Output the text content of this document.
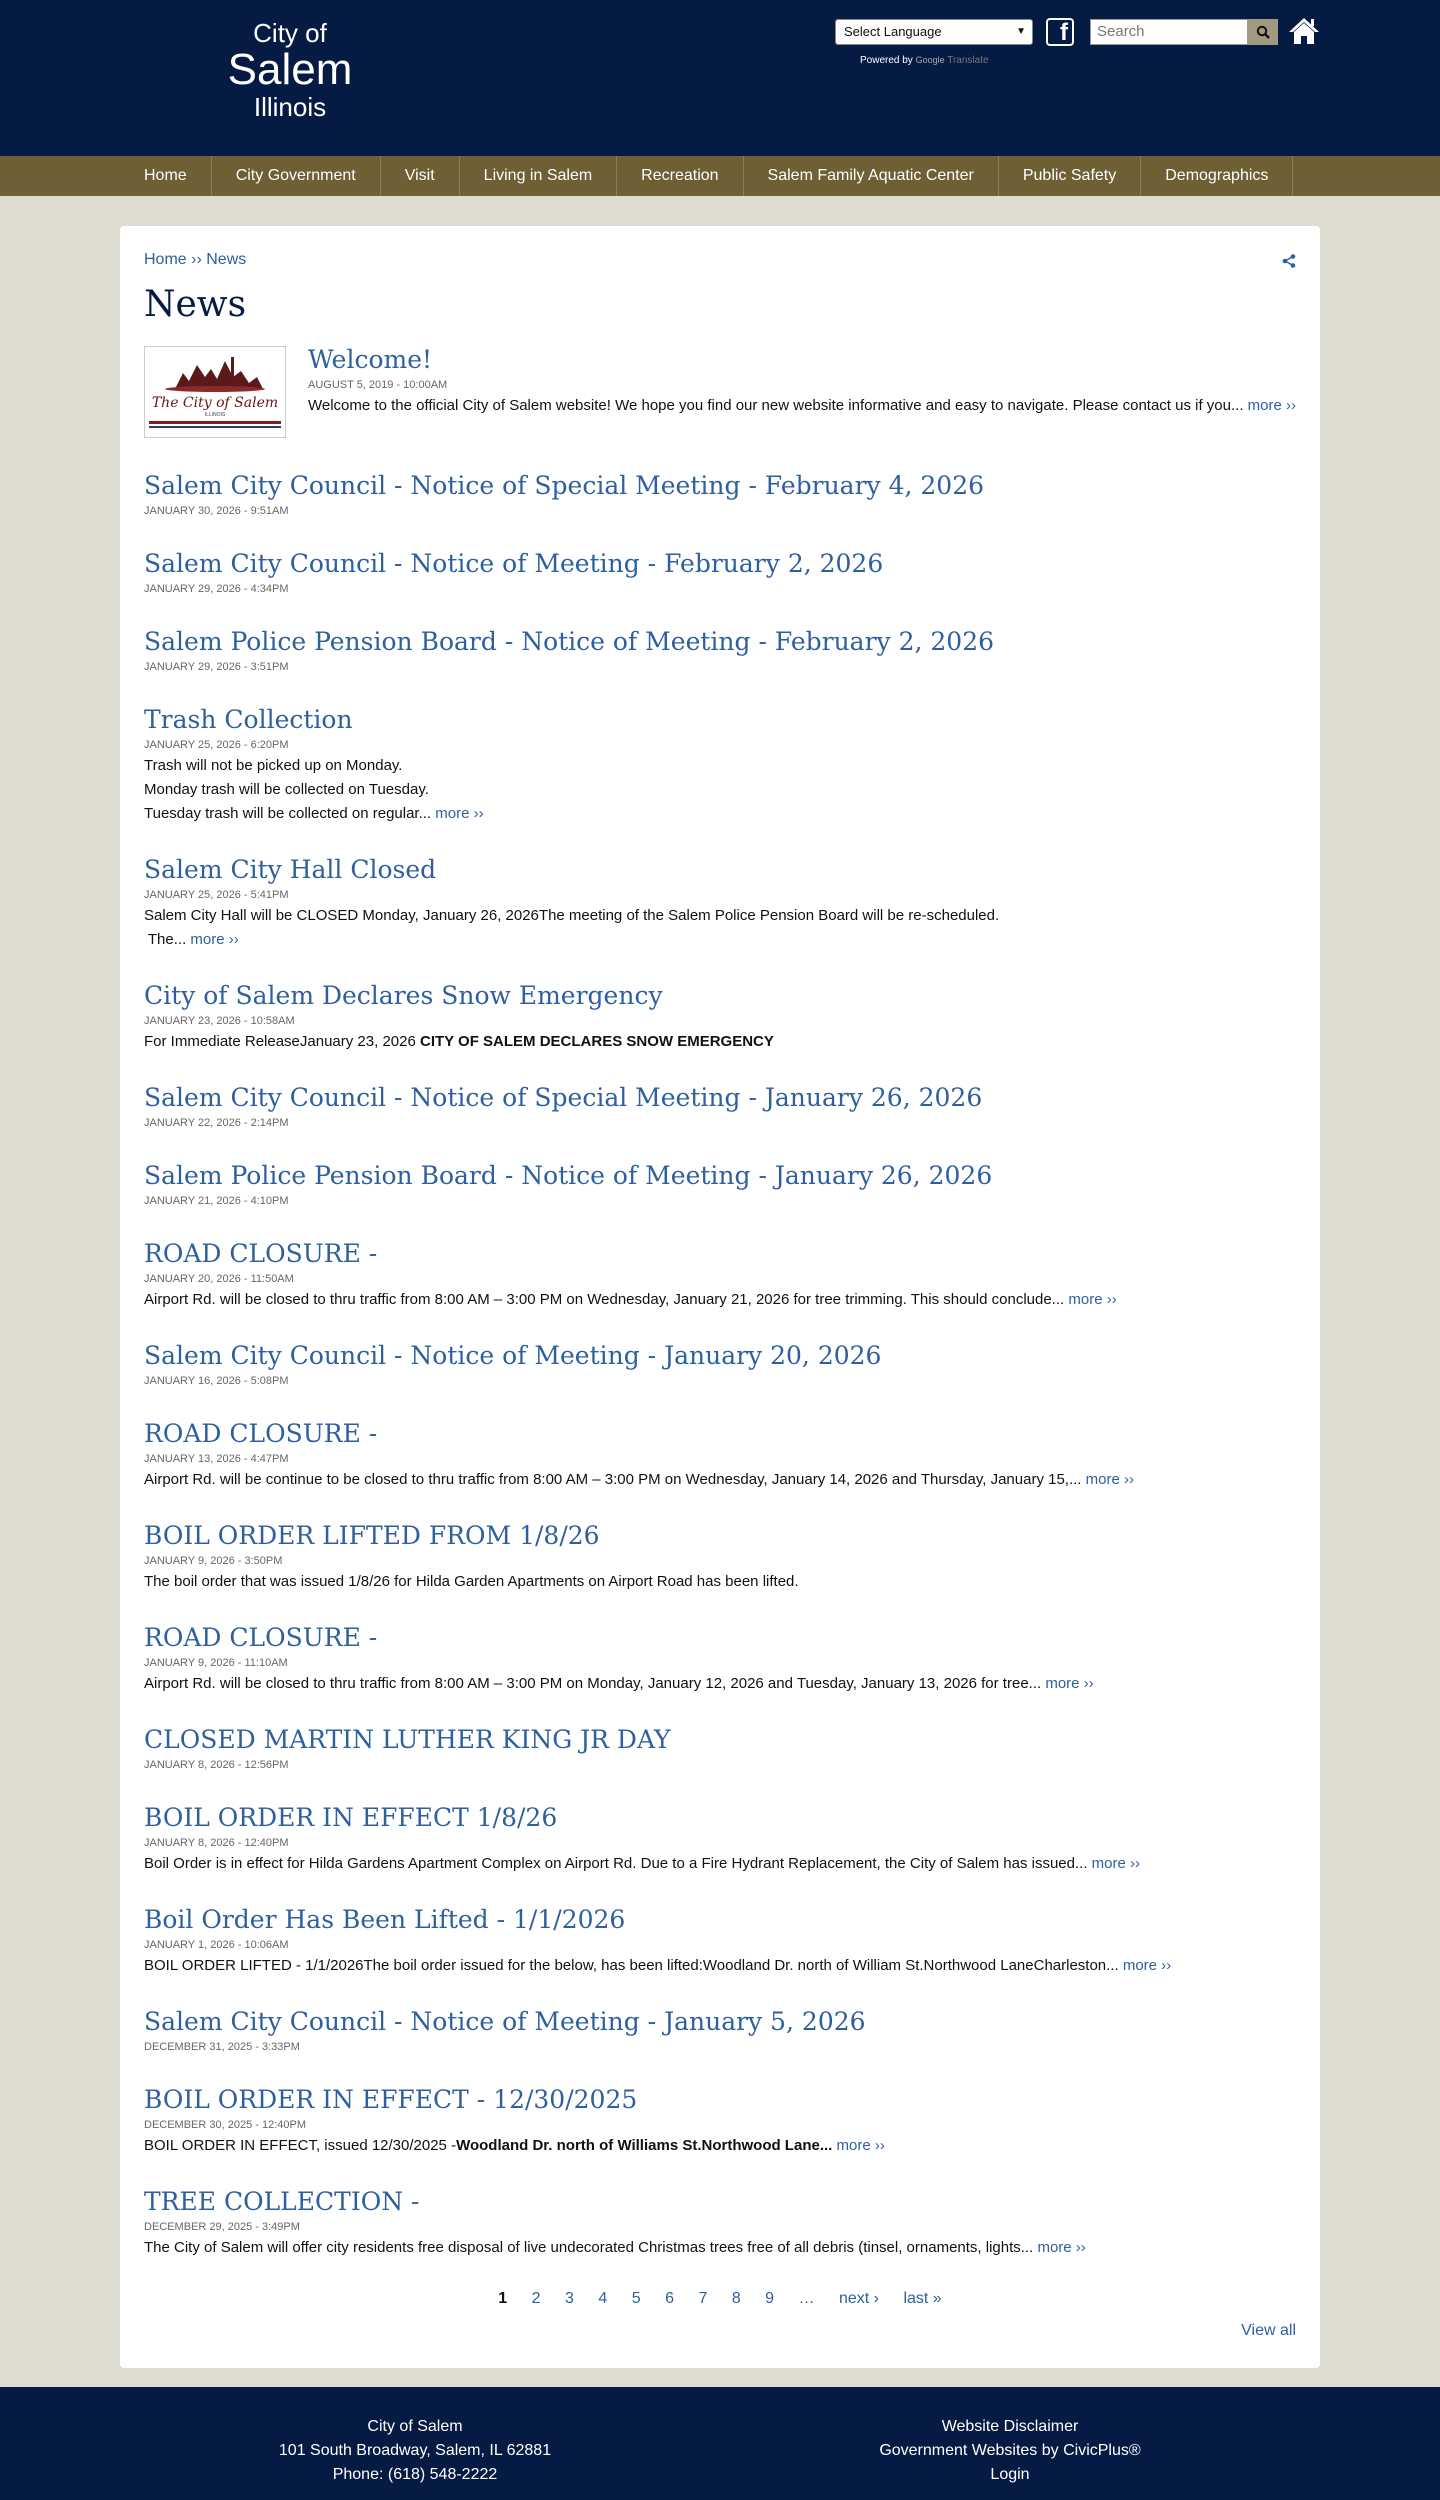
City of
Salem
Illinois
Select Language	▼
Powered by Google Translate
f	Search
Home	City Government	Visit	Living in Salem	Recreation	Salem Family Aquatic Center	Public Safety	Demographics
Home ›› News
News
The City of Salem
ILLINOIS
Welcome!
AUGUST 5, 2019 - 10:00AM
Welcome to the official City of Salem website! We hope you find our new website informative and easy to navigate. Please contact us if you... more ››
Salem City Council - Notice of Special Meeting - February 4, 2026
JANUARY 30, 2026 - 9:51AM
Salem City Council - Notice of Meeting - February 2, 2026
JANUARY 29, 2026 - 4:34PM
Salem Police Pension Board - Notice of Meeting - February 2, 2026
JANUARY 29, 2026 - 3:51PM
Trash Collection
JANUARY 25, 2026 - 6:20PM
Trash will not be picked up on Monday.
Monday trash will be collected on Tuesday.
Tuesday trash will be collected on regular... more ››
Salem City Hall Closed
JANUARY 25, 2026 - 5:41PM
Salem City Hall will be CLOSED Monday, January 26, 2026The meeting of the Salem Police Pension Board will be re-scheduled.
The... more ››
City of Salem Declares Snow Emergency
JANUARY 23, 2026 - 10:58AM
For Immediate ReleaseJanuary 23, 2026 CITY OF SALEM DECLARES SNOW EMERGENCY
Salem City Council - Notice of Special Meeting - January 26, 2026
JANUARY 22, 2026 - 2:14PM
Salem Police Pension Board - Notice of Meeting - January 26, 2026
JANUARY 21, 2026 - 4:10PM
ROAD CLOSURE -
JANUARY 20, 2026 - 11:50AM
Airport Rd. will be closed to thru traffic from 8:00 AM – 3:00 PM on Wednesday, January 21, 2026 for tree trimming. This should conclude... more ››
Salem City Council - Notice of Meeting - January 20, 2026
JANUARY 16, 2026 - 5:08PM
ROAD CLOSURE -
JANUARY 13, 2026 - 4:47PM
Airport Rd. will be continue to be closed to thru traffic from 8:00 AM – 3:00 PM on Wednesday, January 14, 2026 and Thursday, January 15,... more ››
BOIL ORDER LIFTED FROM 1/8/26
JANUARY 9, 2026 - 3:50PM
The boil order that was issued 1/8/26 for Hilda Garden Apartments on Airport Road has been lifted.
ROAD CLOSURE -
JANUARY 9, 2026 - 11:10AM
Airport Rd. will be closed to thru traffic from 8:00 AM – 3:00 PM on Monday, January 12, 2026 and Tuesday, January 13, 2026 for tree... more ››
CLOSED MARTIN LUTHER KING JR DAY
JANUARY 8, 2026 - 12:56PM
BOIL ORDER IN EFFECT 1/8/26
JANUARY 8, 2026 - 12:40PM
Boil Order is in effect for Hilda Gardens Apartment Complex on Airport Rd. Due to a Fire Hydrant Replacement, the City of Salem has issued... more ››
Boil Order Has Been Lifted - 1/1/2026
JANUARY 1, 2026 - 10:06AM
BOIL ORDER LIFTED - 1/1/2026The boil order issued for the below, has been lifted:Woodland Dr. north of William St.Northwood LaneCharleston... more ››
Salem City Council - Notice of Meeting - January 5, 2026
DECEMBER 31, 2025 - 3:33PM
BOIL ORDER IN EFFECT - 12/30/2025
DECEMBER 30, 2025 - 12:40PM
BOIL ORDER IN EFFECT, issued 12/30/2025 -Woodland Dr. north of Williams St.Northwood Lane... more ››
TREE COLLECTION -
DECEMBER 29, 2025 - 3:49PM
The City of Salem will offer city residents free disposal of live undecorated Christmas trees free of all debris (tinsel, ornaments, lights... more ››
1 2 3 4 5 6 7 8 9 … next › last »
View all
City of Salem
101 South Broadway, Salem, IL 62881
Phone: (618) 548-2222
Website Disclaimer
Government Websites by CivicPlus®
Login
